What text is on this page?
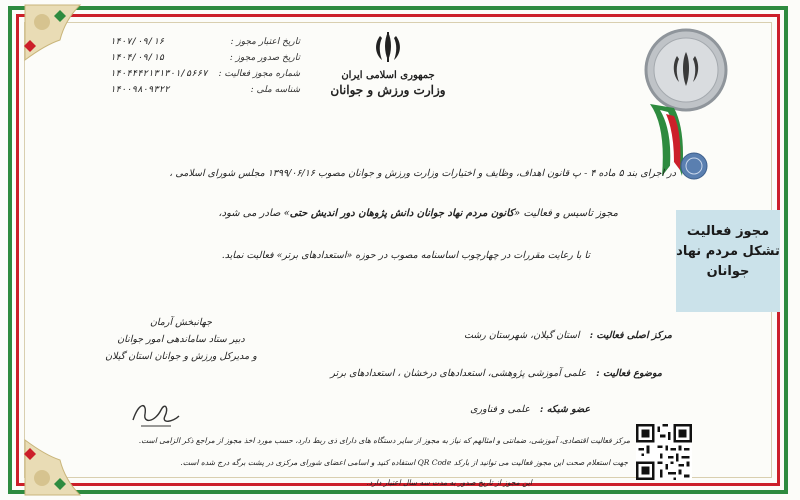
تاریخ اعتبار مجوز :
۱۴۰۷/۰۹/۱۶
تاریخ صدور مجوز :
۱۴۰۴/۰۹/۱۵
شماره مجوز فعالیت :
۱۴۰۴۴۴۲۱۳۱۳۰۱/۵۶۶۷
شناسه ملی :
۱۴۰۰۹۸۰۹۳۲۲
جمهوری اسلامی ایران
وزارت ورزش و جوانان
در اجرای بند ۵ ماده ۴ - پ قانون اهداف، وظایف و اختیارات وزارت ورزش و جوانان مصوب ۱۳۹۹/۰۶/۱۶ مجلس شورای اسلامی ،
مجوز تاسیس و فعالیت «کانون مردم نهاد جوانان دانش پژوهان دور اندیش حتی» صادر می شود،
تا با رعایت مقررات در چهارچوب اساسنامه مصوب در حوزه «استعدادهای برتر» فعالیت نماید.
مجوز فعالیت
تشکل مردم نهاد
جوانان
مرکز اصلی فعالیت :استان گیلان، شهرستان رشت
موضوع فعالیت :علمی آموزشی پژوهشی، استعدادهای درخشان ، استعدادهای برتر
عضو شبکه :علمی و فناوری
جهانبخش آرمان
دبیر ستاد ساماندهی امور جوانان
و مدیرکل ورزش و جوانان استان گیلان
مرکز فعالیت اقتصادی، آموزشی، ضمانتی و امثالهم که نیاز به مجوز از سایر دستگاه های دارای ذی ربط دارد، حسب مورد اخذ مجوز از مراجع ذکر الزامی است.
جهت استعلام صحت این مجوز فعالیت می توانید از بارکد QR Code استفاده کنید و اسامی اعضای شورای مرکزی در پشت برگه درج شده است.
این مجوز از تاریخ صدور به مدت سه سال اعتبار دارد.
